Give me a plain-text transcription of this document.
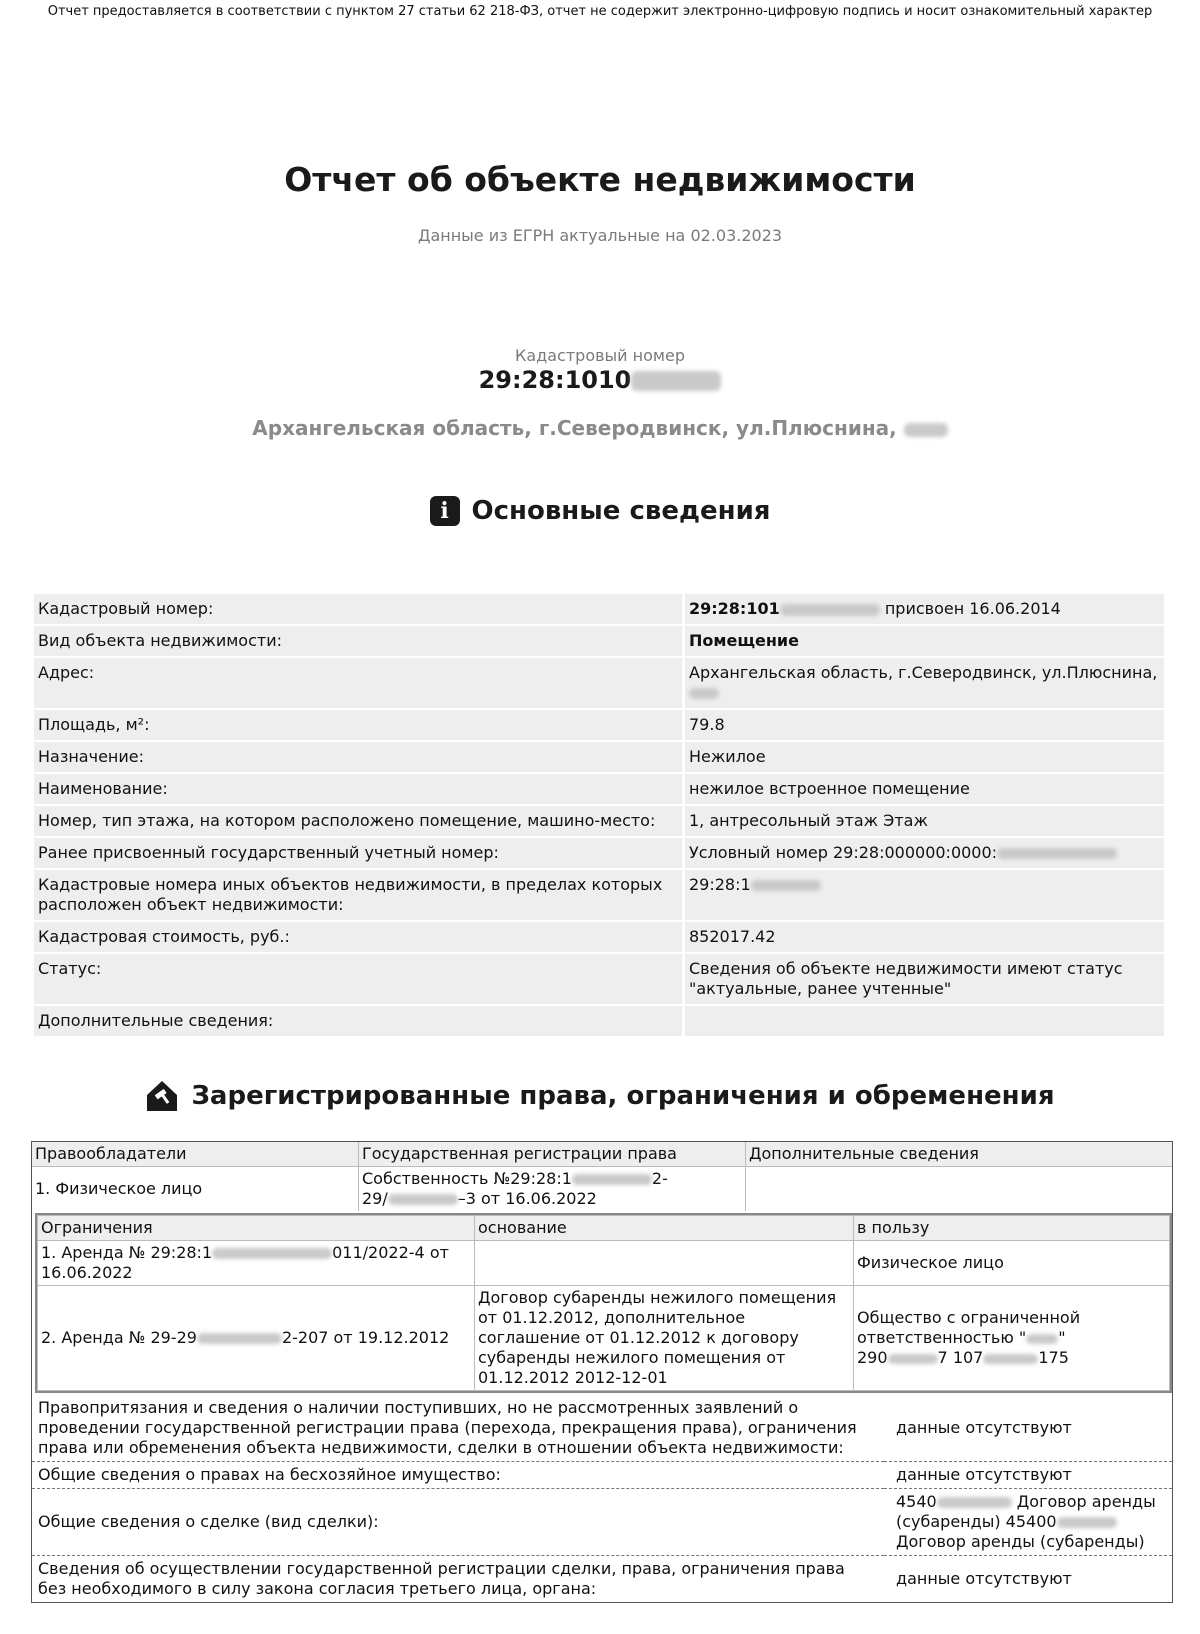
Отчет предоставляется в соответствии с пунктом 27 статьи 62 218-ФЗ, отчет не содержит электронно-цифровую подпись и носит ознакомительный характер
Отчет об объекте недвижимости
Данные из ЕГРН актуальные на 02.03.2023
Кадастровый номер
29:28:1010
Архангельская область, г.Северодвинск, ул.Плюснина,
i Основные сведения
Кадастровый номер:	29:28:101 присвоен 16.06.2014
Вид объекта недвижимости:	Помещение
Адрес:	Архангельская область, г.Северодвинск, ул.Плюснина,

Площадь, м²:	79.8
Назначение:	Нежилое
Наименование:	нежилое встроенное помещение
Номер, тип этажа, на котором расположено помещение, машино-место:	1, антресольный этаж Этаж
Ранее присвоенный государственный учетный номер:	Условный номер 29:28:000000:0000:
Кадастровые номера иных объектов недвижимости, в пределах которых расположен объект недвижимости:	29:28:1
Кадастровая стоимость, руб.:	852017.42
Статус:	Сведения об объекте недвижимости имеют статус "актуальные, ранее учтенные"
Дополнительные сведения:	
Зарегистрированные права, ограничения и обременения
Правообладатели	Государственная регистрации права	Дополнительные сведения
1. Физическое лицо	Собственность №29:28:1 2-
29/ –3 от 16.06.2022	
Ограничения	основание	в пользу
1. Аренда № 29:28:1 011/2022-4 от 16.06.2022		Физическое лицо
2. Аренда № 29-29 2-207 от 19.12.2012	Договор субаренды нежилого помещения от 01.12.2012, дополнительное соглашение от 01.12.2012 к договору субаренды нежилого помещения от 01.12.2012 2012-12-01	Общество с ограниченной ответственностью " "
290 7 107 175
Правопритязания и сведения о наличии поступивших, но не рассмотренных заявлений о проведении государственной регистрации права (перехода, прекращения права), ограничения права или обременения объекта недвижимости, сделки в отношении объекта недвижимости:	данные отсутствуют
Общие сведения о правах на бесхозяйное имущество:	данные отсутствуют
Общие сведения о сделке (вид сделки):	4540 Договор аренды (субаренды) 45400
Договор аренды (субаренды)
Сведения об осуществлении государственной регистрации сделки, права, ограничения права без необходимого в силу закона согласия третьего лица, органа:	данные отсутствуют
